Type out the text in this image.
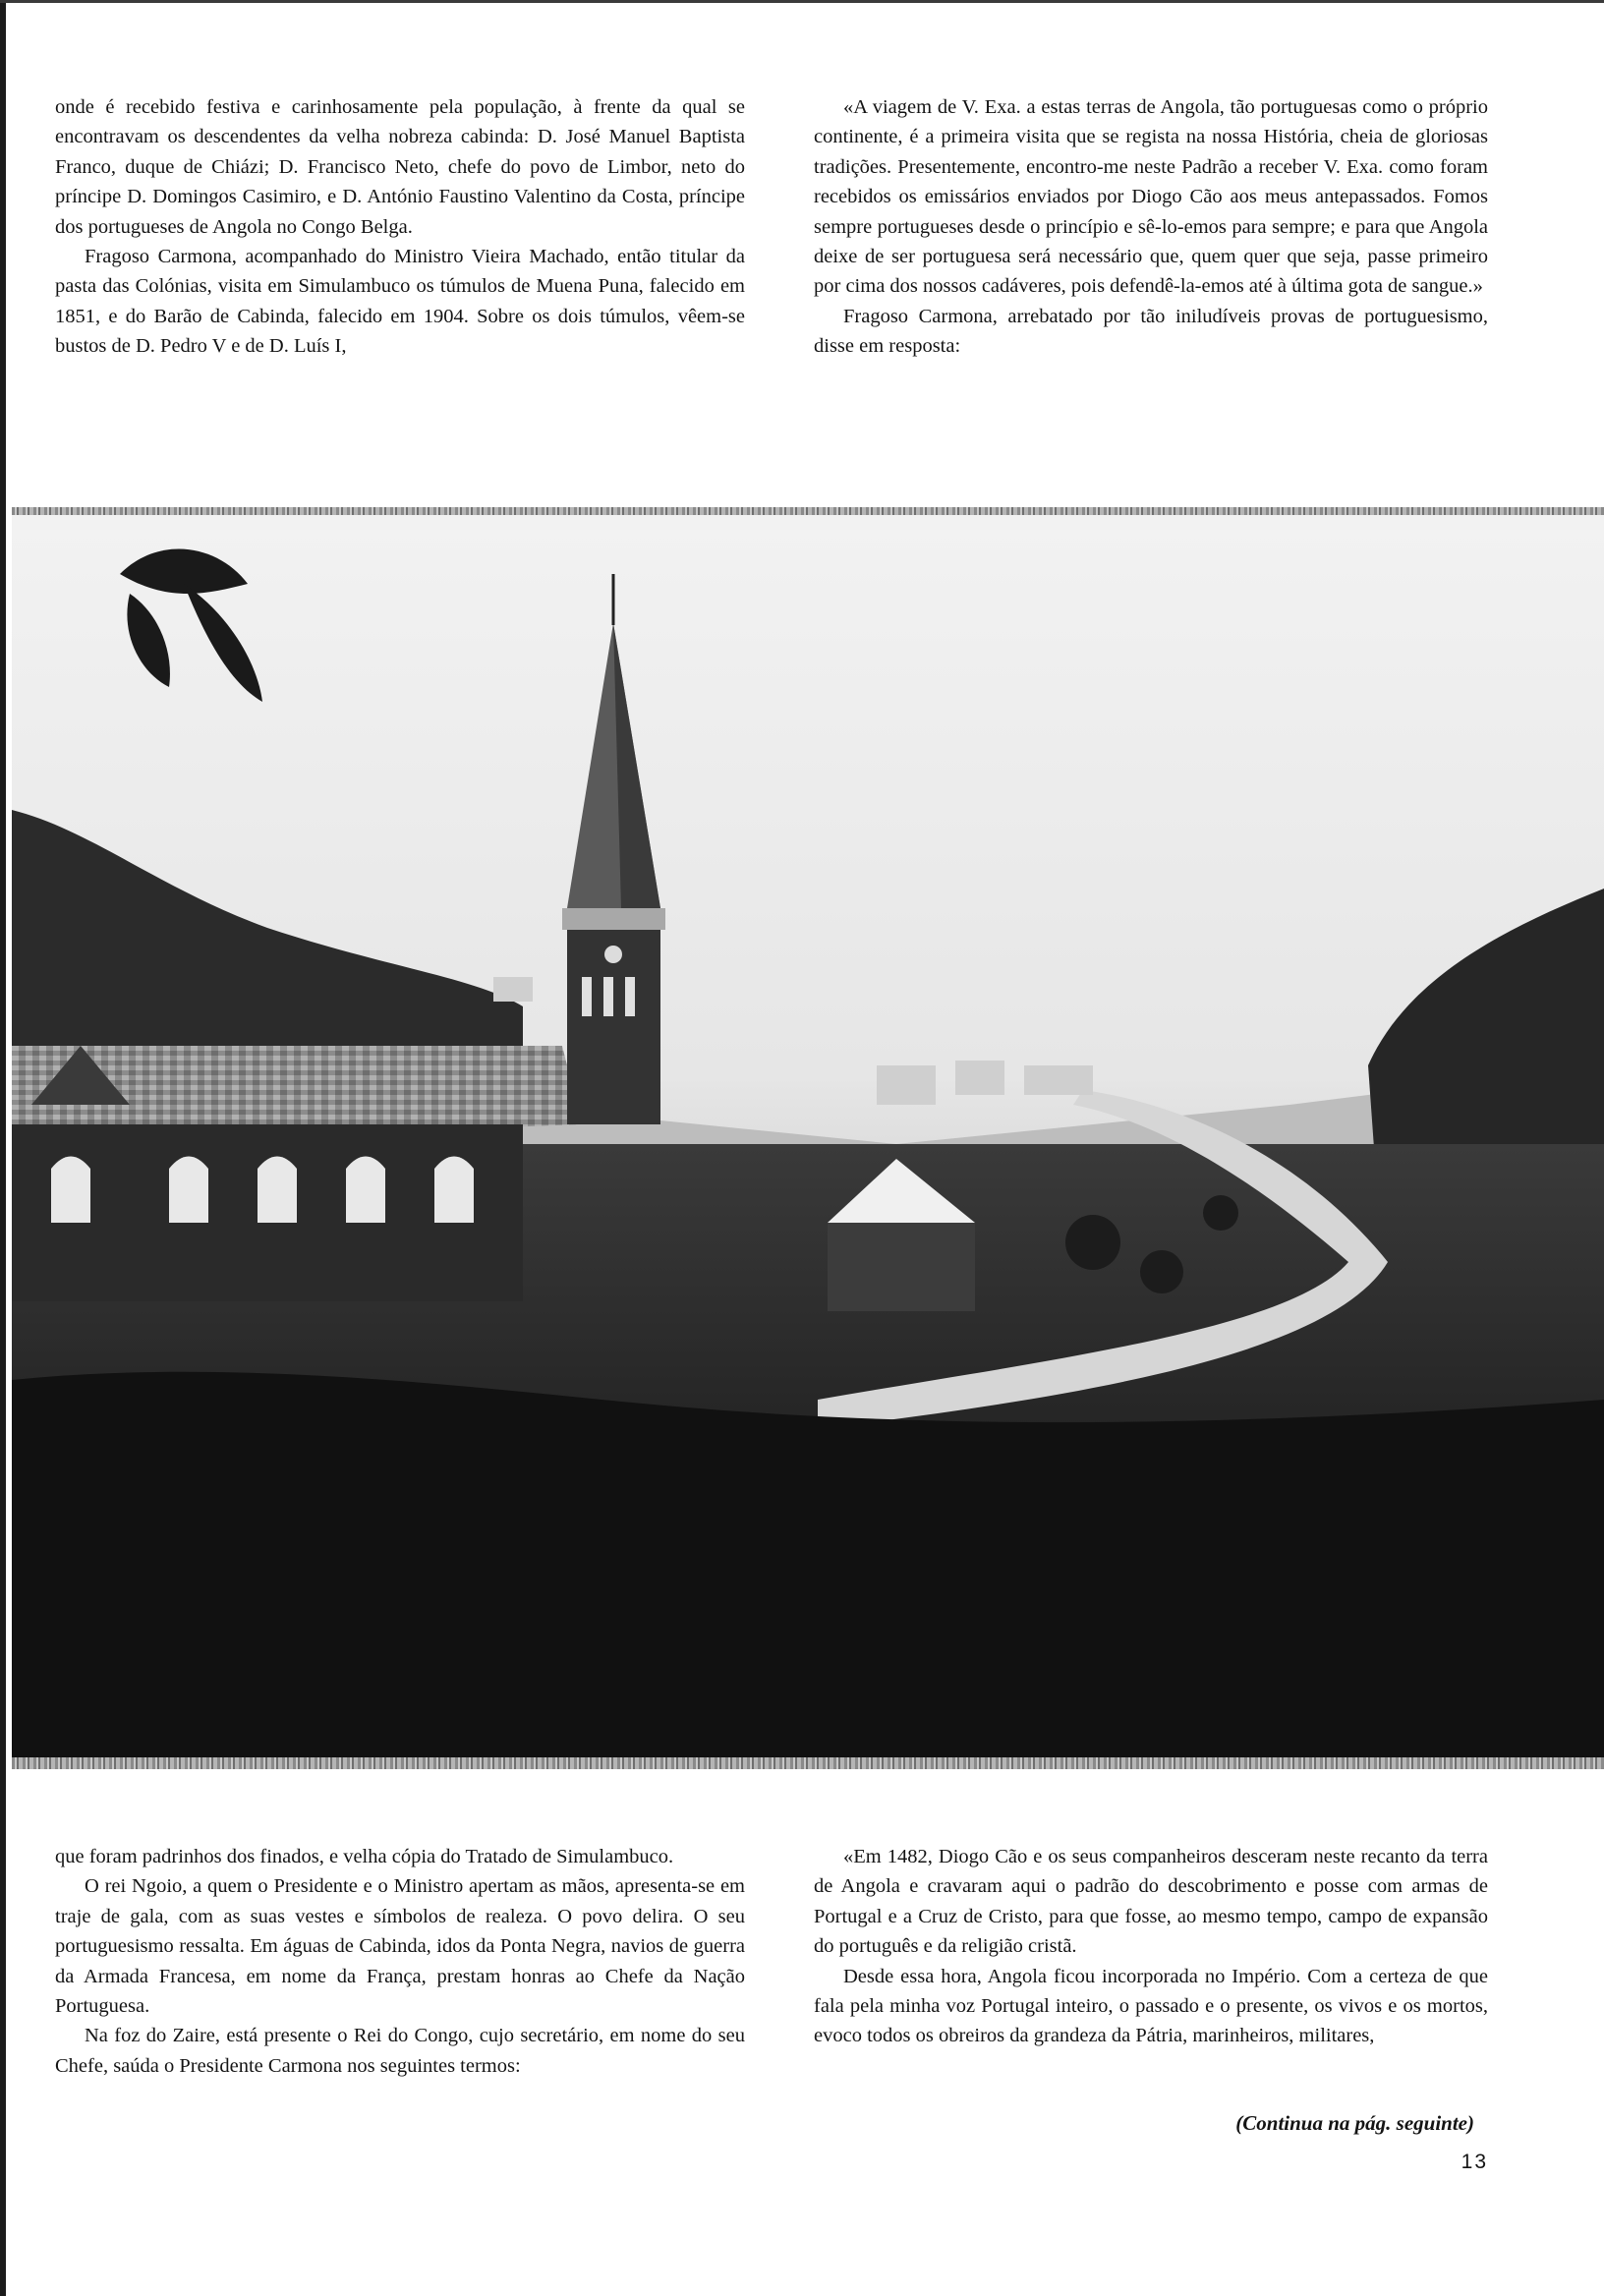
onde é recebido festiva e carinhosamente pela população, à frente da qual se encontravam os descendentes da velha nobreza cabinda: D. José Manuel Baptista Franco, duque de Chiázi; D. Francisco Neto, chefe do povo de Limbor, neto do príncipe D. Domingos Casimiro, e D. António Faustino Valentino da Costa, príncipe dos portugueses de Angola no Congo Belga.

Fragoso Carmona, acompanhado do Ministro Vieira Machado, então titular da pasta das Colónias, visita em Simulambuco os túmulos de Muena Puna, falecido em 1851, e do Barão de Cabinda, falecido em 1904. Sobre os dois túmulos, vêem-se bustos de D. Pedro V e de D. Luís I,

«A viagem de V. Exa. a estas terras de Angola, tão portuguesas como o próprio continente, é a primeira visita que se regista na nossa História, cheia de gloriosas tradições. Presentemente, encontro-me neste Padrão a receber V. Exa. como foram recebidos os emissários enviados por Diogo Cão aos meus antepassados. Fomos sempre portugueses desde o princípio e sê-lo-emos para sempre; e para que Angola deixe de ser portuguesa será necessário que, quem quer que seja, passe primeiro por cima dos nossos cadáveres, pois defendê-la-emos até à última gota de sangue.»

Fragoso Carmona, arrebatado por tão iniludíveis provas de portuguesismo, disse em resposta:

que foram padrinhos dos finados, e velha cópia do Tratado de Simulambuco.

O rei Ngoio, a quem o Presidente e o Ministro apertam as mãos, apresenta-se em traje de gala, com as suas vestes e símbolos de realeza. O povo delira. O seu portuguesismo ressalta. Em águas de Cabinda, idos da Ponta Negra, navios de guerra da Armada Francesa, em nome da França, prestam honras ao Chefe da Nação Portuguesa.

Na foz do Zaire, está presente o Rei do Congo, cujo secretário, em nome do seu Chefe, saúda o Presidente Carmona nos seguintes termos:

«Em 1482, Diogo Cão e os seus companheiros desceram neste recanto da terra de Angola e cravaram aqui o padrão do descobrimento e posse com armas de Portugal e a Cruz de Cristo, para que fosse, ao mesmo tempo, campo de expansão do português e da religião cristã.

Desde essa hora, Angola ficou incorporada no Império. Com a certeza de que fala pela minha voz Portugal inteiro, o passado e o presente, os vivos e os mortos, evoco todos os obreiros da grandeza da Pátria, marinheiros, militares,

(Continua na pág. seguinte)
13
